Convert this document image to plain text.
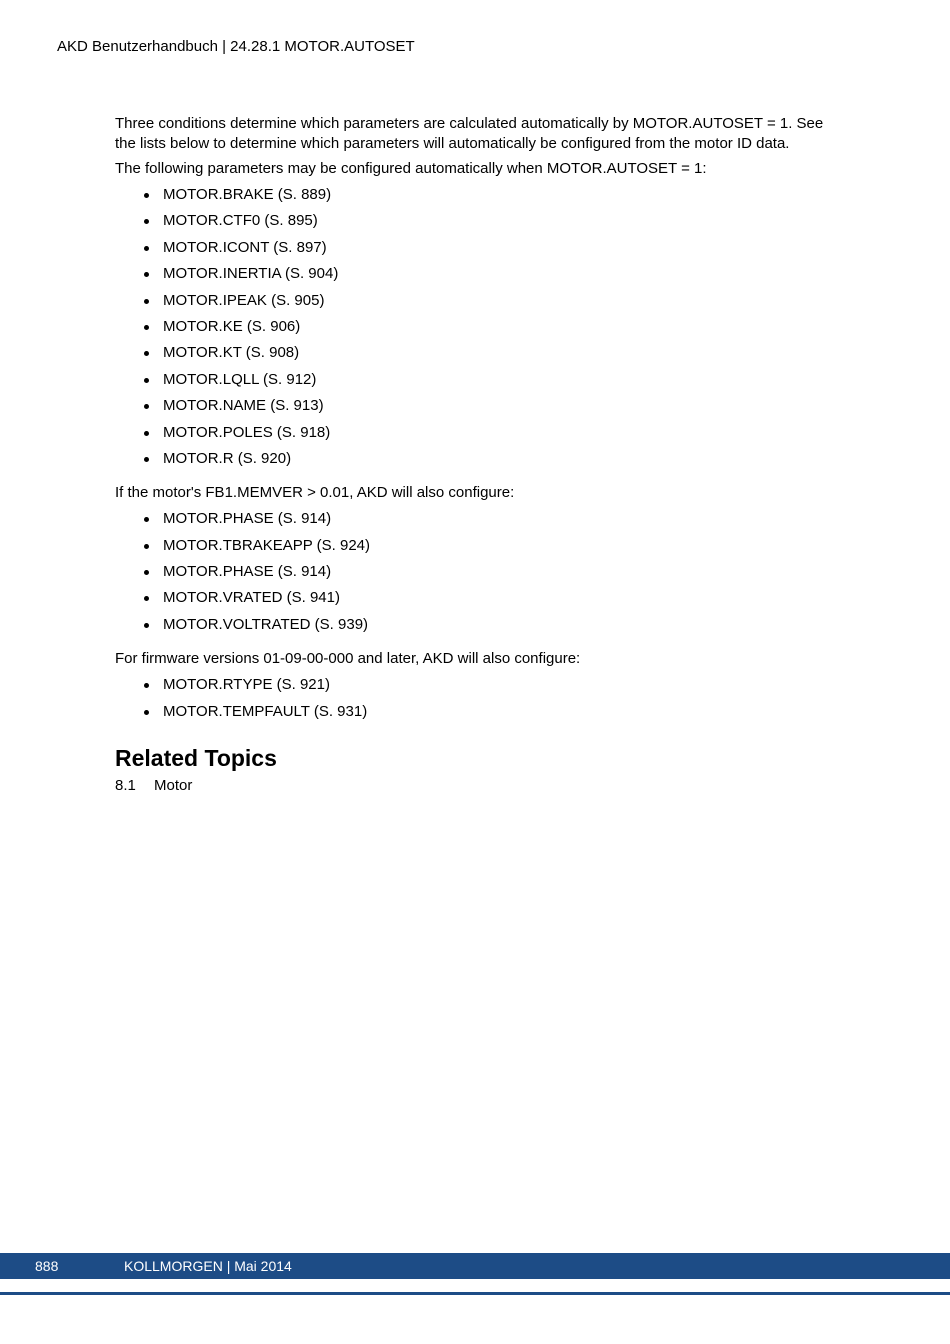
AKD Benutzerhandbuch | 24.28.1 MOTOR.AUTOSET

Three conditions determine which parameters are calculated automatically by MOTOR.AUTOSET = 1. See the lists below to determine which parameters will automatically be configured from the motor ID data.

The following parameters may be configured automatically when MOTOR.AUTOSET = 1:

MOTOR.BRAKE (S. 889)
MOTOR.CTF0 (S. 895)
MOTOR.ICONT (S. 897)
MOTOR.INERTIA (S. 904)
MOTOR.IPEAK (S. 905)
MOTOR.KE (S. 906)
MOTOR.KT (S. 908)
MOTOR.LQLL (S. 912)
MOTOR.NAME (S. 913)
MOTOR.POLES (S. 918)
MOTOR.R (S. 920)

If the motor's FB1.MEMVER > 0.01, AKD will also configure:

MOTOR.PHASE (S. 914)
MOTOR.TBRAKEAPP (S. 924)
MOTOR.PHASE (S. 914)
MOTOR.VRATED (S. 941)
MOTOR.VOLTRATED (S. 939)

For firmware versions 01-09-00-000 and later, AKD will also configure:

MOTOR.RTYPE (S. 921)
MOTOR.TEMPFAULT (S. 931)
Related Topics
8.1	Motor
888	KOLLMORGEN | Mai 2014
